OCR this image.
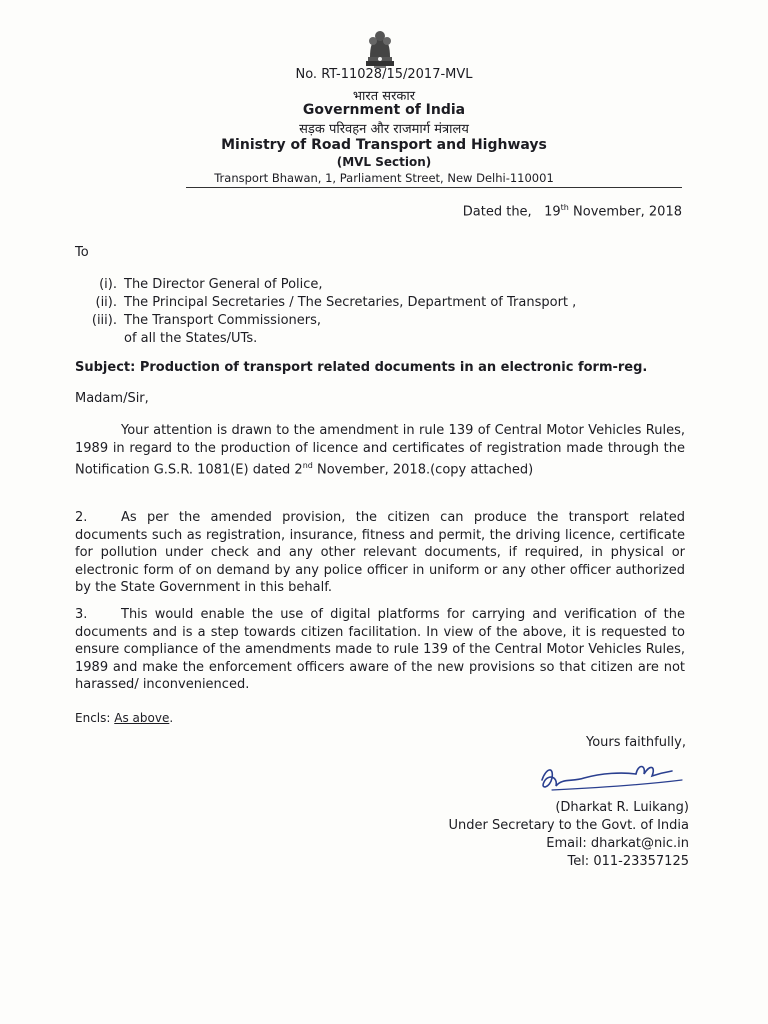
No. RT-11028/15/2017-MVL
भारत सरकार
Government of India
सड़क परिवहन और राजमार्ग मंत्रालय
Ministry of Road Transport and Highways
(MVL Section)
Transport Bhawan, 1, Parliament Street, New Delhi-110001
Dated the, 19th November, 2018
To
(i). The Director General of Police,
(ii). The Principal Secretaries / The Secretaries, Department of Transport ,
(iii). The Transport Commissioners,
of all the States/UTs.
Subject: Production of transport related documents in an electronic form-reg.
Madam/Sir,
Your attention is drawn to the amendment in rule 139 of Central Motor Vehicles Rules, 1989 in regard to the production of licence and certificates of registration made through the Notification G.S.R. 1081(E) dated 2nd November, 2018.(copy attached)
2.	As per the amended provision, the citizen can produce the transport related documents such as registration, insurance, fitness and permit, the driving licence, certificate for pollution under check and any other relevant documents, if required, in physical or electronic form of on demand by any police officer in uniform or any other officer authorized by the State Government in this behalf.
3.	This would enable the use of digital platforms for carrying and verification of the documents and is a step towards citizen facilitation. In view of the above, it is requested to ensure compliance of the amendments made to rule 139 of the Central Motor Vehicles Rules, 1989 and make the enforcement officers aware of the new provisions so that citizen are not harassed/ inconvenienced.
Encls: As above.
Yours faithfully,
(Dharkat R. Luikang)
Under Secretary to the Govt. of India
Email: dharkat@nic.in
Tel: 011-23357125
